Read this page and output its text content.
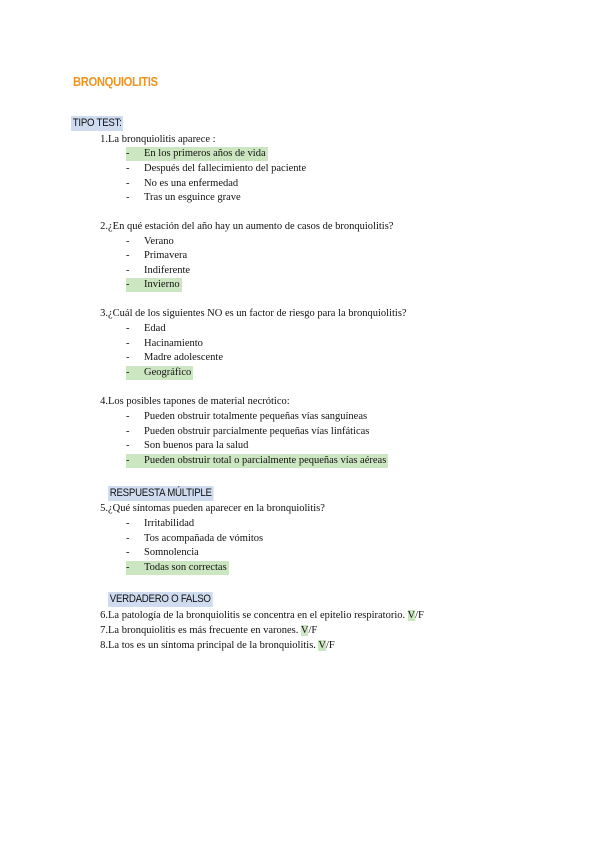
BRONQUIOLITIS
TIPO TEST:
1. La bronquiolitis aparece :
- En los primeros años de vida
- Después del fallecimiento del paciente
- No es una enfermedad
- Tras un esguince grave
2. ¿En qué estación del año hay un aumento de casos de bronquiolitis?
- Verano
- Primavera
- Indiferente
- Invierno
3. ¿Cuál de los siguientes NO es un factor de riesgo para la bronquiolitis?
- Edad
- Hacinamiento
- Madre adolescente
- Geográfico
4. Los posibles tapones de material necrótico:
- Pueden obstruir totalmente pequeñas vías sanguíneas
- Pueden obstruir parcialmente pequeñas vías linfáticas
- Son buenos para la salud
- Pueden obstruir total o parcialmente pequeñas vías aéreas
RESPUESTA MÚLTIPLE
5. ¿Qué síntomas pueden aparecer en la bronquiolitis?
- Irritabilidad
- Tos acompañada de vómitos
- Somnolencia
- Todas son correctas
VERDADERO O FALSO
6. La patología de la bronquiolitis se concentra en el epitelio respiratorio. V/F
7. La bronquiolitis es más frecuente en varones. V/F
8. La tos es un síntoma principal de la bronquiolitis. V/F
